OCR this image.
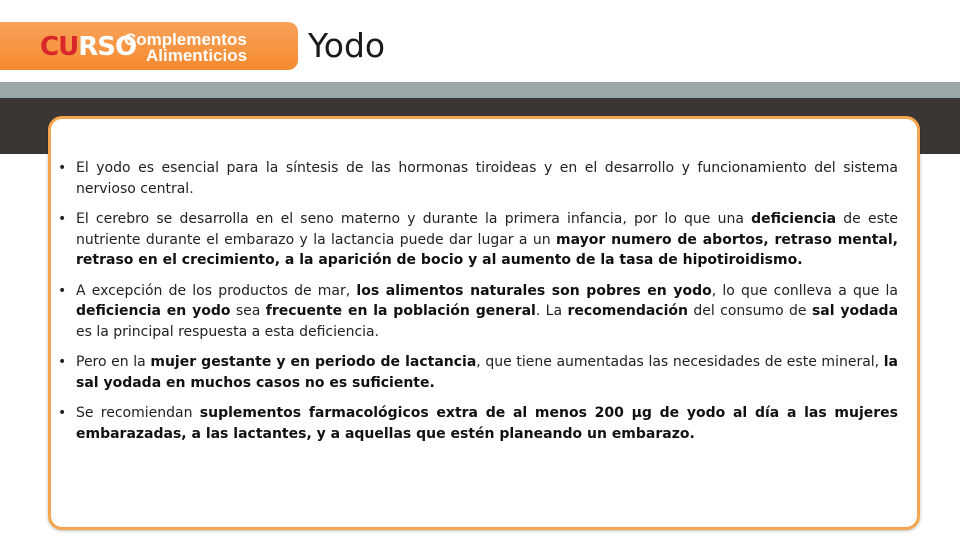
CURSO
Complementos
Alimenticios	Yodo
• El yodo es esencial para la síntesis de las hormonas tiroideas y en el desarrollo y funcionamiento del sistema nervioso central.
• El cerebro se desarrolla en el seno materno y durante la primera infancia, por lo que una deficiencia de este nutriente durante el embarazo y la lactancia puede dar lugar a un mayor numero de abortos, retraso mental, retraso en el crecimiento, a la aparición de bocio y al aumento de la tasa de hipotiroidismo.
• A excepción de los productos de mar, los alimentos naturales son pobres en yodo, lo que conlleva a que la deficiencia en yodo sea frecuente en la población general. La recomendación del consumo de sal yodada es la principal respuesta a esta deficiencia.
• Pero en la mujer gestante y en periodo de lactancia, que tiene aumentadas las necesidades de este mineral, la sal yodada en muchos casos no es suficiente.
• Se recomiendan suplementos farmacológicos extra de al menos 200 µg de yodo al día a las mujeres embarazadas, a las lactantes, y a aquellas que estén planeando un embarazo.
